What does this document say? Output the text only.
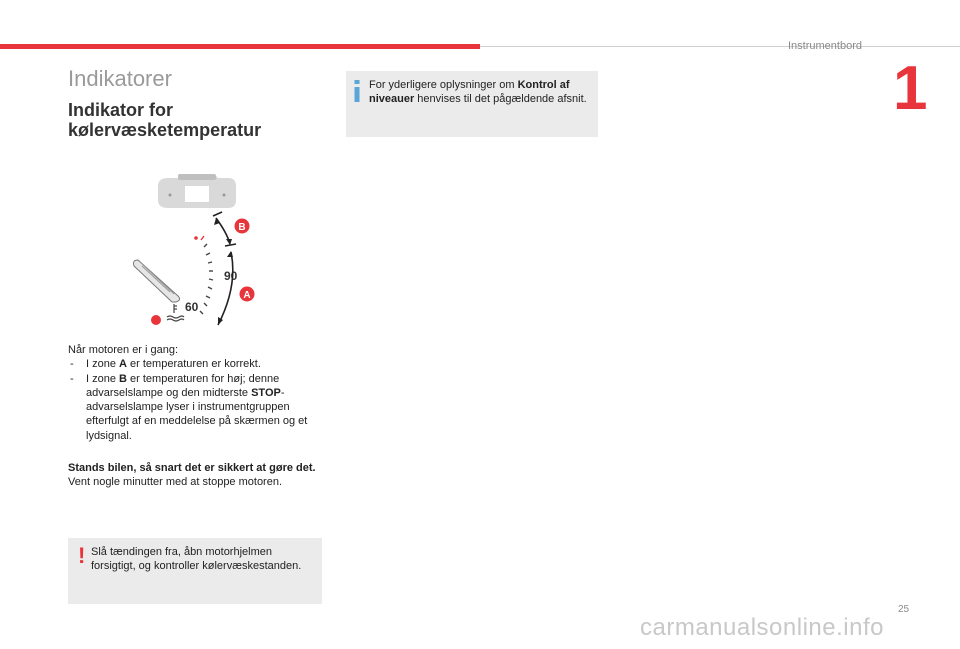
Instrumentbord
1
Indikatorer
Indikator for
kølervæsketemperatur
90
60
B
A

Når motoren er i gang:

- I zone A er temperaturen er korrekt.
- I zone B er temperaturen for høj; denne advarselslampe og den midterste STOP-advarselslampe lyser i instrumentgruppen efterfulgt af en meddelelse på skærmen og et lydsignal.

Stands bilen, så snart det er sikkert at gøre det.

Vent nogle minutter med at stoppe motoren.

! Slå tændingen fra, åbn motorhjelmen forsigtigt, og kontroller kølervæskestanden.
For yderligere oplysninger om Kontrol af niveauer henvises til det pågældende afsnit.
25
carmanualsonline.info
